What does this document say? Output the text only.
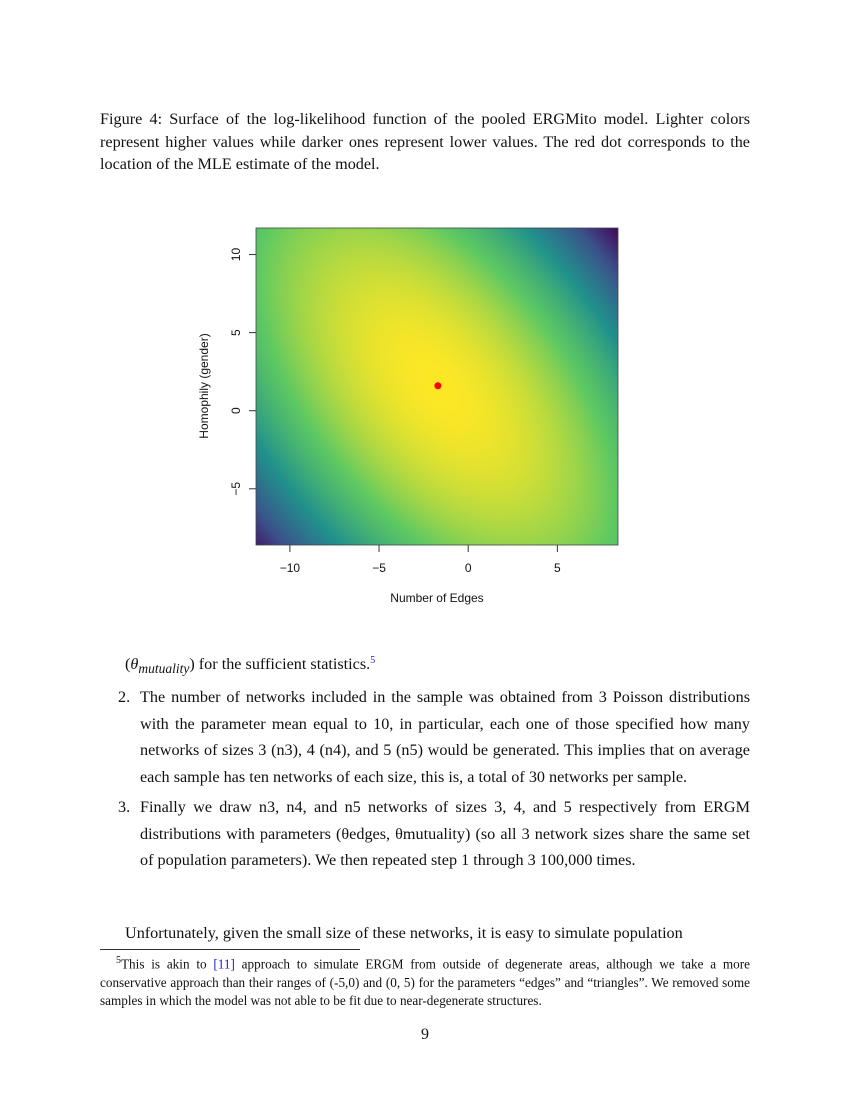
Figure 4: Surface of the log-likelihood function of the pooled ERGMito model. Lighter colors represent higher values while darker ones represent lower values. The red dot corresponds to the location of the MLE estimate of the model.
−10	−5	0	5
−5
0
5
10
Number of Edges
Homophily (gender)
$(\theta_{mutuality})$ for the sufficient statistics.$^5$
2. The number of networks included in the sample was obtained from 3 Poisson distributions with the parameter mean equal to 10, in particular, each one of those specified how many networks of sizes 3 (n3), 4 (n4), and 5 (n5) would be generated. This implies that on average each sample has ten networks of each size, this is, a total of 30 networks per sample.
3. Finally we draw n3, n4, and n5 networks of sizes 3, 4, and 5 respectively from ERGM distributions with parameters (θedges, θmutuality) (so all 3 network sizes share the same set of population parameters). We then repeated step 1 through 3 100,000 times.
Unfortunately, given the small size of these networks, it is easy to simulate population
$^5$This is akin to [11] approach to simulate ERGM from outside of degenerate areas, although we take a more conservative approach than their ranges of (-5,0) and (0, 5) for the parameters “edges” and “triangles”. We removed some samples in which the model was not able to be fit due to near-degenerate structures.
9
